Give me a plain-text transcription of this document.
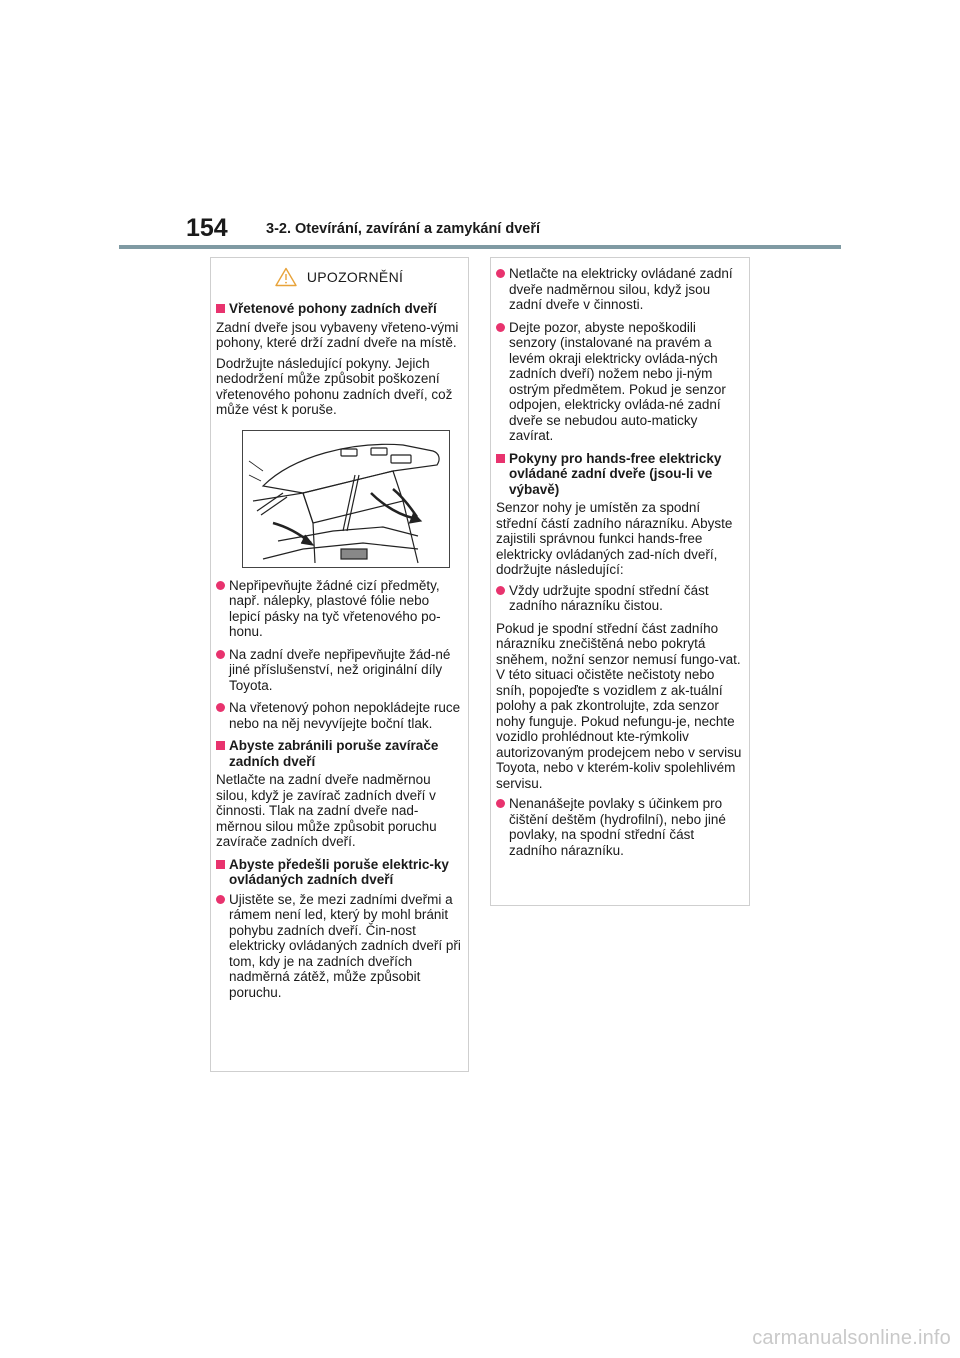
154	3-2. Otevírání, zavírání a zamykání dveří
UPOZORNĚNÍ
Vřetenové pohony zadních dveří
Zadní dveře jsou vybaveny vřeteno-vými pohony, které drží zadní dveře na místě.
Dodržujte následující pokyny. Jejich nedodržení může způsobit poškození vřetenového pohonu zadních dveří, což může vést k poruše.
Nepřipevňujte žádné cizí předměty, např. nálepky, plastové fólie nebo lepicí pásky na tyč vřetenového po-honu.
Na zadní dveře nepřipevňujte žád-né jiné příslušenství, než originální díly Toyota.
Na vřetenový pohon nepokládejte ruce nebo na něj nevyvíjejte boční tlak.
Abyste zabránili poruše zavírače zadních dveří
Netlačte na zadní dveře nadměrnou silou, když je zavírač zadních dveří v činnosti. Tlak na zadní dveře nad-měrnou silou může způsobit poruchu zavírače zadních dveří.
Abyste předešli poruše elektric-ky ovládaných zadních dveří
Ujistěte se, že mezi zadními dveřmi a rámem není led, který by mohl bránit pohybu zadních dveří. Čin-nost elektricky ovládaných zadních dveří při tom, kdy je na zadních dveřích nadměrná zátěž, může způsobit poruchu.
Netlačte na elektricky ovládané zadní dveře nadměrnou silou, když jsou zadní dveře v činnosti.
Dejte pozor, abyste nepoškodili senzory (instalované na pravém a levém okraji elektricky ovláda-ných zadních dveří) nožem nebo ji-ným ostrým předmětem. Pokud je senzor odpojen, elektricky ovláda-né zadní dveře se nebudou auto-maticky zavírat.
Pokyny pro hands-free elektricky ovládané zadní dveře (jsou-li ve výbavě)
Senzor nohy je umístěn za spodní střední částí zadního nárazníku. Abyste zajistili správnou funkci hands-free elektricky ovládaných zad-ních dveří, dodržujte následující:
Vždy udržujte spodní střední část zadního nárazníku čistou.
Pokud je spodní střední část zadního nárazníku znečištěná nebo pokrytá sněhem, nožní senzor nemusí fungo-vat. V této situaci očistěte nečistoty nebo sníh, popojeďte s vozidlem z ak-tuální polohy a pak zkontrolujte, zda senzor nohy funguje. Pokud nefungu-je, nechte vozidlo prohlédnout kte-rýmkoliv autorizovaným prodejcem nebo v servisu Toyota, nebo v kterém-koliv spolehlivém servisu.
Nenanášejte povlaky s účinkem pro čištění deštěm (hydrofilní), nebo jiné povlaky, na spodní střední část zadního nárazníku.
carmanualsonline.info
